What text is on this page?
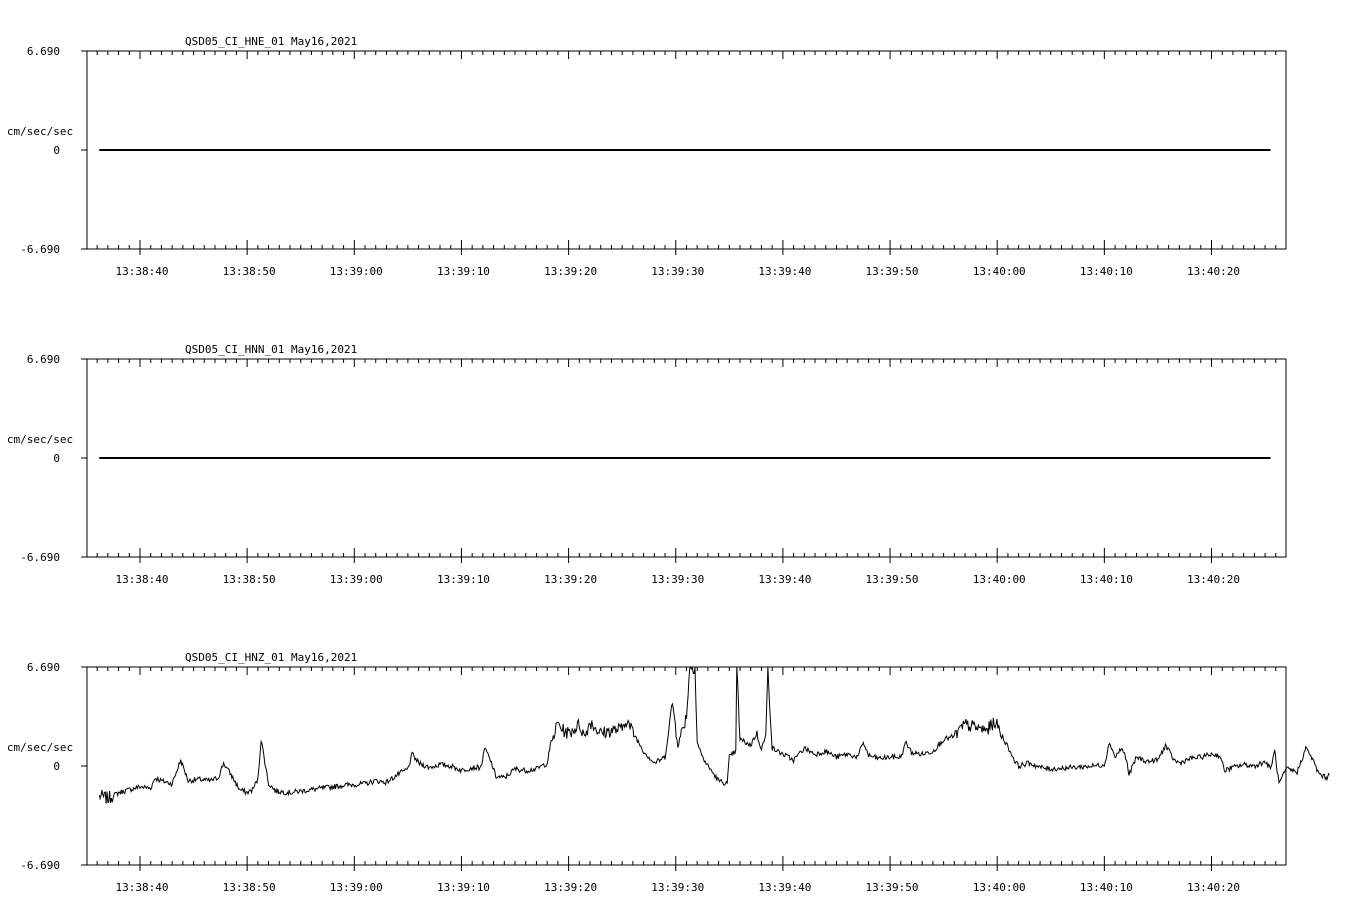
QSD05_CI_HNE_01 May16,2021
6.690
0
-6.690
cm/sec/sec
13:38:40	13:38:50	13:39:00	13:39:10	13:39:20	13:39:30	13:39:40	13:39:50	13:40:00	13:40:10	13:40:20
QSD05_CI_HNN_01 May16,2021
6.690
0
-6.690
cm/sec/sec
13:38:40	13:38:50	13:39:00	13:39:10	13:39:20	13:39:30	13:39:40	13:39:50	13:40:00	13:40:10	13:40:20
QSD05_CI_HNZ_01 May16,2021
6.690
0
-6.690
cm/sec/sec
13:38:40	13:38:50	13:39:00	13:39:10	13:39:20	13:39:30	13:39:40	13:39:50	13:40:00	13:40:10	13:40:20
